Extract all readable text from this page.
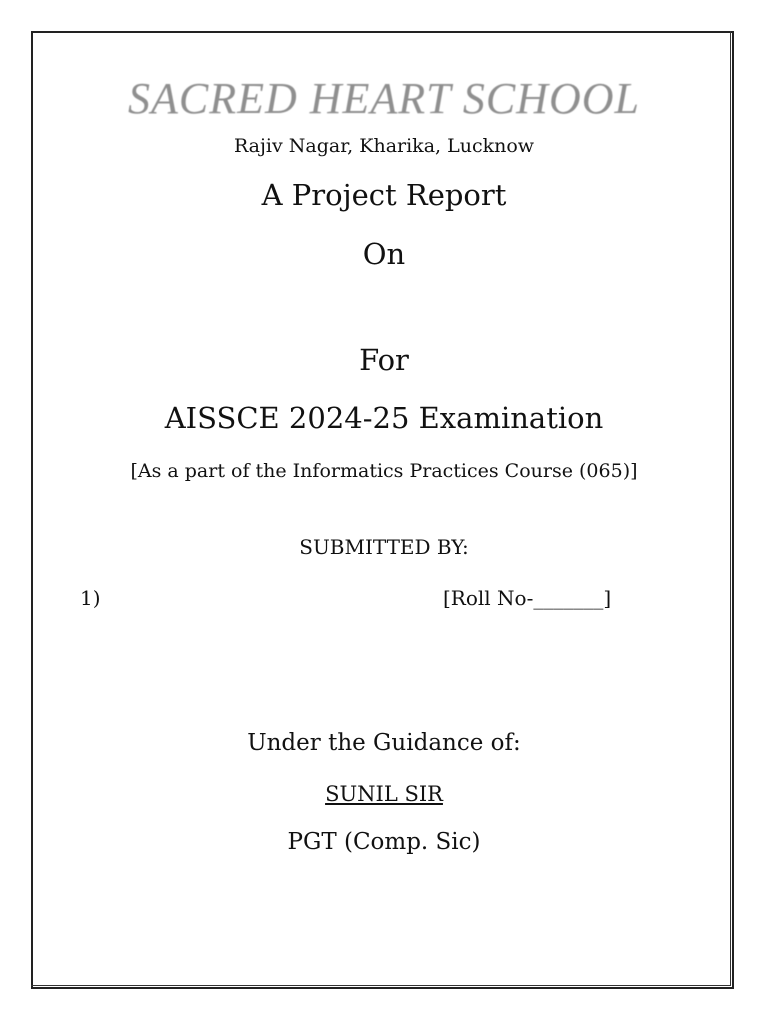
SACRED HEART SCHOOL
Rajiv Nagar, Kharika, Lucknow
A Project Report
On
For
AISSCE 2024-25 Examination
[As a part of the Informatics Practices Course (065)]
SUBMITTED BY:
1)	[Roll No-_______]
Under the Guidance of:
SUNIL SIR
PGT (Comp. Sic)
